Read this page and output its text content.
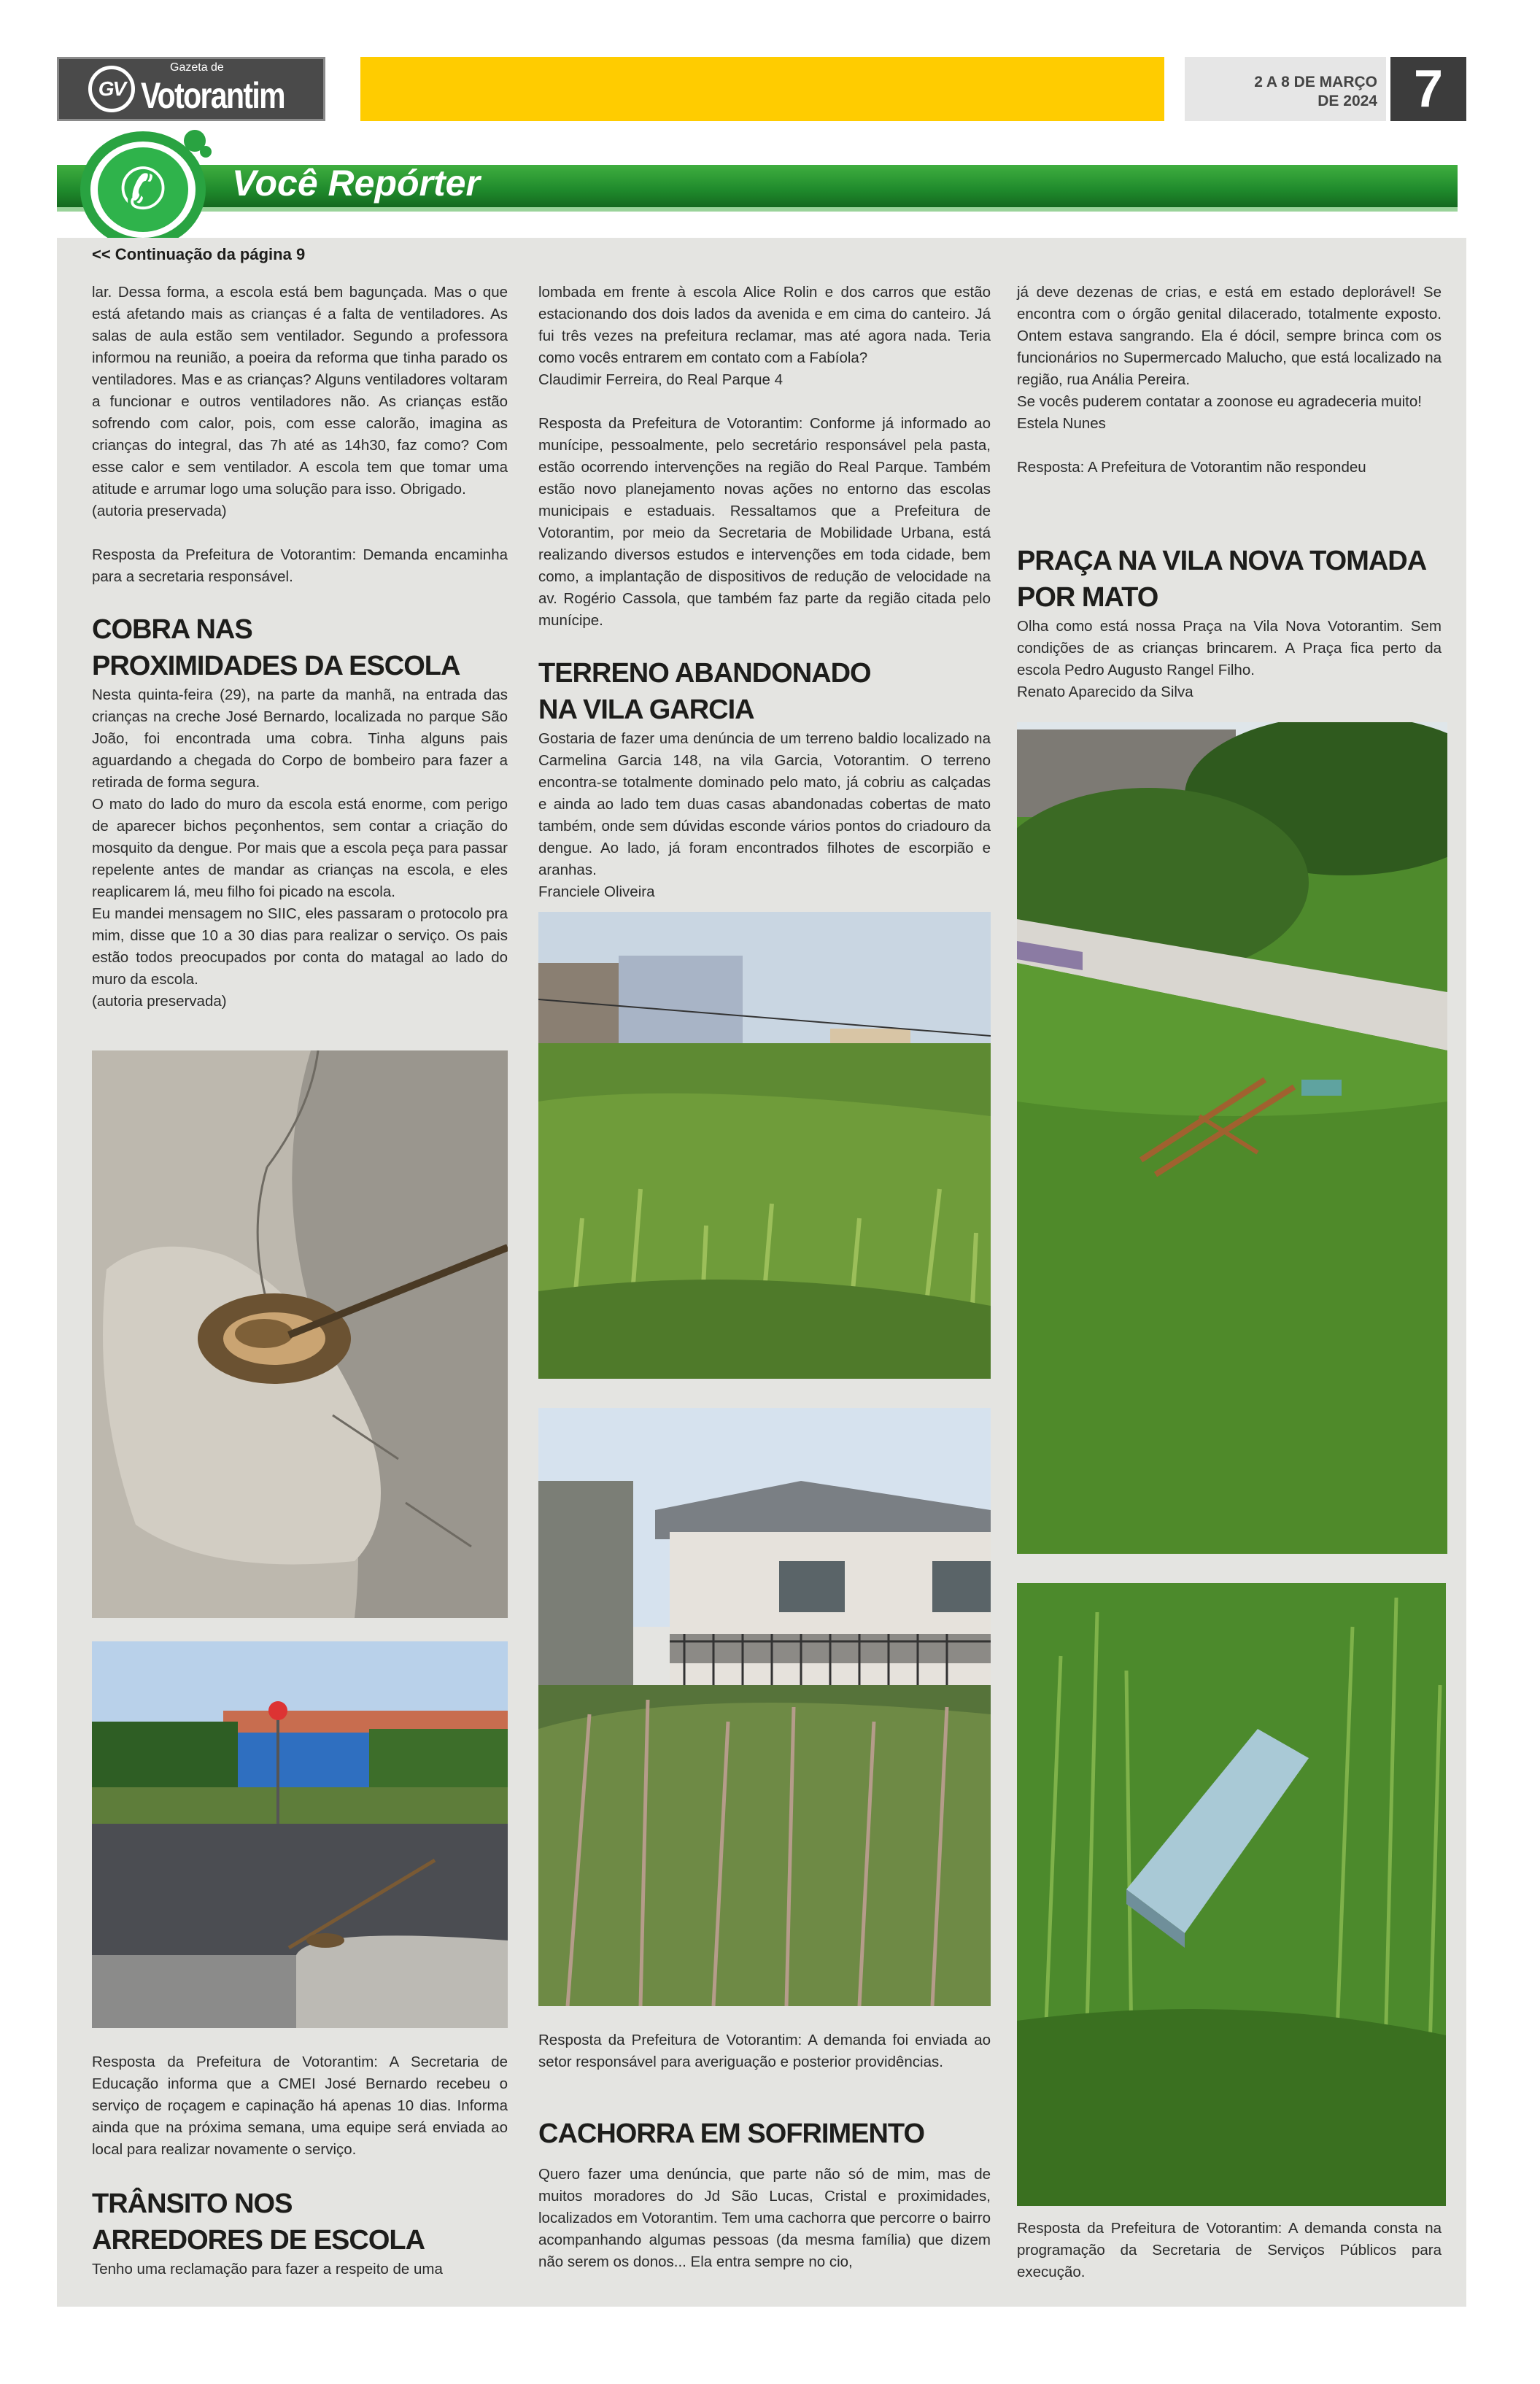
GV
Gazeta de
Votorantim	2 A 8 DE MARÇO
DE 2024 7
✆	Você Repórter
<< Continuação da página 9

lar. Dessa forma, a escola está bem bagunçada. Mas o que está afetando mais as crianças é a falta de ventiladores. As salas de aula estão sem ventilador. Segundo a professora informou na reunião, a poeira da reforma que tinha parado os ventiladores. Mas e as crianças? Alguns ventiladores voltaram a funcionar e outros ventiladores não. As crianças estão sofrendo com calor, pois, com esse calorão, imagina as crianças do integral, das 7h até as 14h30, faz como? Com esse calor e sem ventilador. A escola tem que tomar uma atitude e arrumar logo uma solução para isso. Obrigado.

(autoria preservada)

Resposta da Prefeitura de Votorantim: Demanda encaminha para a secretaria responsável.

COBRA NAS
PROXIMIDADES DA ESCOLA

Nesta quinta-feira (29), na parte da manhã, na entrada das crianças na creche José Bernardo, localizada no parque São João, foi encontrada uma cobra. Tinha alguns pais aguardando a chegada do Corpo de bombeiro para fazer a retirada de forma segura.

O mato do lado do muro da escola está enorme, com perigo de aparecer bichos peçonhentos, sem contar a criação do mosquito da dengue. Por mais que a escola peça para passar repelente antes de mandar as crianças na escola, e eles reaplicarem lá, meu filho foi picado na escola.

Eu mandei mensagem no SIIC, eles passaram o protocolo pra mim, disse que 10 a 30 dias para realizar o serviço. Os pais estão todos preocupados por conta do matagal ao lado do muro da escola.

(autoria preservada)

Resposta da Prefeitura de Votorantim: A Secretaria de Educação informa que a CMEI José Bernardo recebeu o serviço de roçagem e capinação há apenas 10 dias. Informa ainda que na próxima semana, uma equipe será enviada ao local para realizar novamente o serviço.

TRÂNSITO NOS
ARREDORES DE ESCOLA

Tenho uma reclamação para fazer a respeito de uma

lombada em frente à escola Alice Rolin e dos carros que estão estacionando dos dois lados da avenida e em cima do canteiro. Já fui três vezes na prefeitura reclamar, mas até agora nada. Teria como vocês entrarem em contato com a Fabíola?

Claudimir Ferreira, do Real Parque 4

Resposta da Prefeitura de Votorantim: Conforme já informado ao munícipe, pessoalmente, pelo secretário responsável pela pasta, estão ocorrendo intervenções na região do Real Parque. Também estão novo planejamento novas ações no entorno das escolas municipais e estaduais. Ressaltamos que a Prefeitura de Votorantim, por meio da Secretaria de Mobilidade Urbana, está realizando diversos estudos e intervenções em toda cidade, bem como, a implantação de dispositivos de redução de velocidade na av. Rogério Cassola, que também faz parte da região citada pelo munícipe.

TERRENO ABANDONADO
NA VILA GARCIA

Gostaria de fazer uma denúncia de um terreno baldio localizado na Carmelina Garcia 148, na vila Garcia, Votorantim. O terreno encontra-se totalmente dominado pelo mato, já cobriu as calçadas e ainda ao lado tem duas casas abandonadas cobertas de mato também, onde sem dúvidas esconde vários pontos do criadouro da dengue. Ao lado, já foram encontrados filhotes de escorpião e aranhas.

Franciele Oliveira

Resposta da Prefeitura de Votorantim: A demanda foi enviada ao setor responsável para averiguação e posterior providências.

CACHORRA EM SOFRIMENTO

Quero fazer uma denúncia, que parte não só de mim, mas de muitos moradores do Jd São Lucas, Cristal e proximidades, localizados em Votorantim. Tem uma cachorra que percorre o bairro acompanhando algumas pessoas (da mesma família) que dizem não serem os donos... Ela entra sempre no cio,

já deve dezenas de crias, e está em estado deplorável! Se encontra com o órgão genital dilacerado, totalmente exposto. Ontem estava sangrando. Ela é dócil, sempre brinca com os funcionários no Supermercado Malucho, que está localizado na região, rua Anália Pereira.

Se vocês puderem contatar a zoonose eu agradeceria muito!

Estela Nunes

Resposta: A Prefeitura de Votorantim não respondeu

PRAÇA NA VILA NOVA TOMADA
POR MATO

Olha como está nossa Praça na Vila Nova Votorantim. Sem condições de as crianças brincarem. A Praça fica perto da escola Pedro Augusto Rangel Filho.

Renato Aparecido da Silva

Resposta da Prefeitura de Votorantim: A demanda consta na programação da Secretaria de Serviços Públicos para execução.
